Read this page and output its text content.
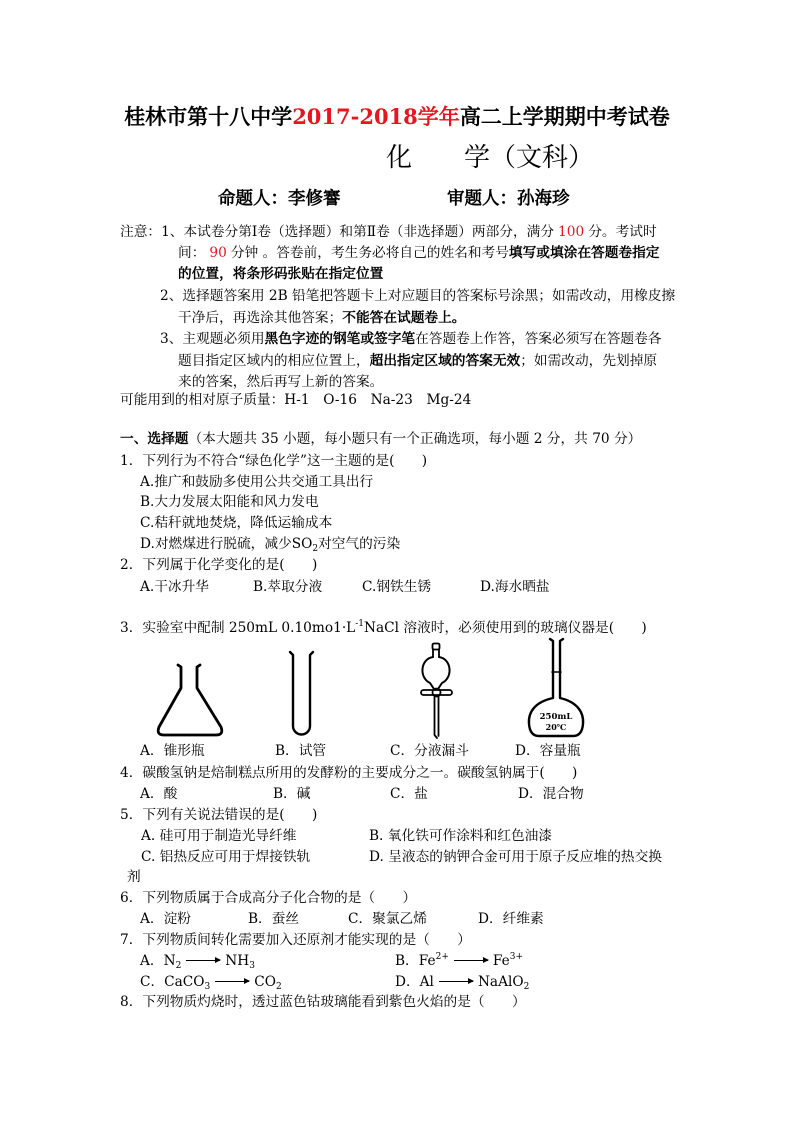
桂林市第十八中学2017-2018学年高二上学期期中考试卷
化　　学（文科）
命题人：李修謇	审题人：孙海珍
注意：1、本试卷分第Ⅰ卷（选择题）和第Ⅱ卷（非选择题）两部分，满分 100 分。考试时
间： 90 分钟 。答卷前，考生务必将自己的姓名和考号填写或填涂在答题卷指定
的位置，将条形码张贴在指定位置
2、选择题答案用 2B 铅笔把答题卡上对应题目的答案标号涂黑；如需改动，用橡皮擦
干净后，再选涂其他答案；不能答在试题卷上。
3、主观题必须用黑色字迹的钢笔或签字笔在答题卷上作答，答案必须写在答题卷各
题目指定区域内的相应位置上，超出指定区域的答案无效；如需改动，先划掉原
来的答案，然后再写上新的答案。
可能用到的相对原子质量：H-1　O-16　Na-23　Mg-24
一、选择题（本大题共 35 小题，每小题只有一个正确选项，每小题 2 分，共 70 分）
1．下列行为不符合“绿色化学”这一主题的是(　　)
A.推广和鼓励多使用公共交通工具出行
B.大力发展太阳能和风力发电
C.秸秆就地焚烧，降低运输成本
D.对燃煤进行脱硫，减少$SO_2$对空气的污染
2．下列属于化学变化的是(　　)
A.干冰升华	B.萃取分液	C.钢铁生锈	D.海水晒盐
3．实验室中配制 250mL $0.10mo1\cdot L^{-1}NaCl$ 溶液时，必须使用到的玻璃仪器是(　　)
250mL
20℃
A．锥形瓶	B．试管	C．分液漏斗	D．容量瓶
4．碳酸氢钠是焙制糕点所用的发酵粉的主要成分之一。碳酸氢钠属于(　　)
A．酸	B．碱	C．盐	D．混合物
5．下列有关说法错误的是(　　)
A. 硅可用于制造光导纤维	B. 氧化铁可作涂料和红色油漆
C. 铝热反应可用于焊接铁轨	D. 呈液态的钠钾合金可用于原子反应堆的热交换
剂
6．下列物质属于合成高分子化合物的是（　　）
A．淀粉	B．蚕丝	C．聚氯乙烯	D．纤维素
7．下列物质间转化需要加入还原剂才能实现的是（　　）
A．$N_2 \to NH_3$	B．$Fe^{2+} \to Fe^{3+}$
C．CaCO$_3$ → $CO_2$	D．Al → NaAlO$_2$
8．下列物质灼烧时，透过蓝色钴玻璃能看到紫色火焰的是（　　）
